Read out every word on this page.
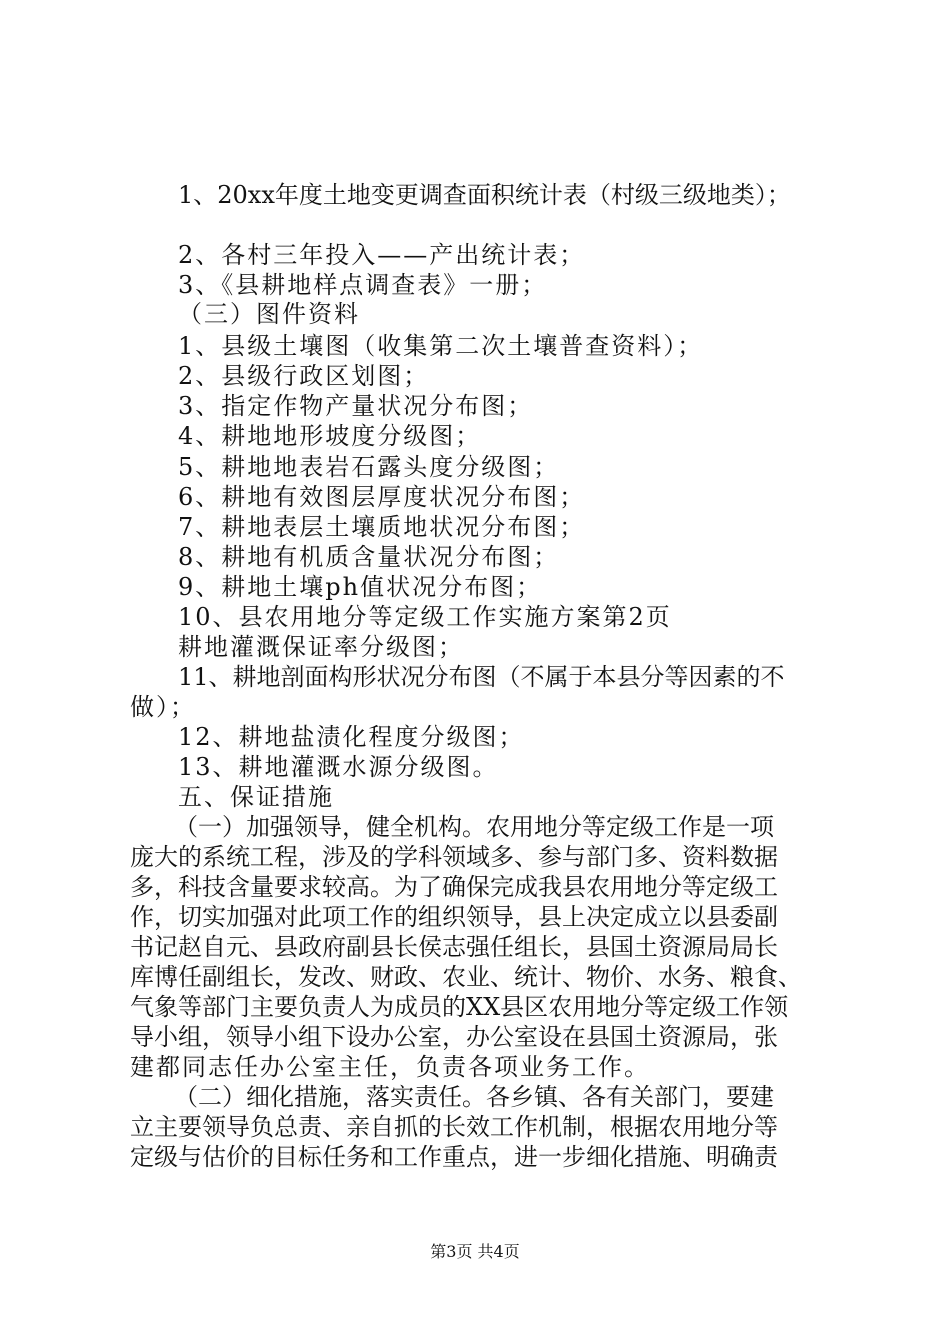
1、20xx年度土地变更调查面积统计表（村级三级地类）；
2、各村三年投入——产出统计表；
3、《县耕地样点调查表》一册；
（三）图件资料
1、县级土壤图（收集第二次土壤普查资料）；
2、县级行政区划图；
3、指定作物产量状况分布图；
4、耕地地形坡度分级图；
5、耕地地表岩石露头度分级图；
6、耕地有效图层厚度状况分布图；
7、耕地表层土壤质地状况分布图；
8、耕地有机质含量状况分布图；
9、耕地土壤ph值状况分布图；
10、县农用地分等定级工作实施方案第2页
耕地灌溉保证率分级图；
11、耕地剖面构形状况分布图（不属于本县分等因素的不
做）；
12、耕地盐渍化程度分级图；
13、耕地灌溉水源分级图。
五、保证措施
（一）加强领导，健全机构。农用地分等定级工作是一项
庞大的系统工程，涉及的学科领域多、参与部门多、资料数据
多，科技含量要求较高。为了确保完成我县农用地分等定级工
作，切实加强对此项工作的组织领导，县上决定成立以县委副
书记赵自元、县政府副县长侯志强任组长，县国土资源局局长
库博任副组长，发改、财政、农业、统计、物价、水务、粮食、
气象等部门主要负责人为成员的XX县区农用地分等定级工作领
导小组，领导小组下设办公室，办公室设在县国土资源局，张
建都同志任办公室主任，负责各项业务工作。
（二）细化措施，落实责任。各乡镇、各有关部门，要建
立主要领导负总责、亲自抓的长效工作机制，根据农用地分等
定级与估价的目标任务和工作重点，进一步细化措施、明确责
第3页 共4页
